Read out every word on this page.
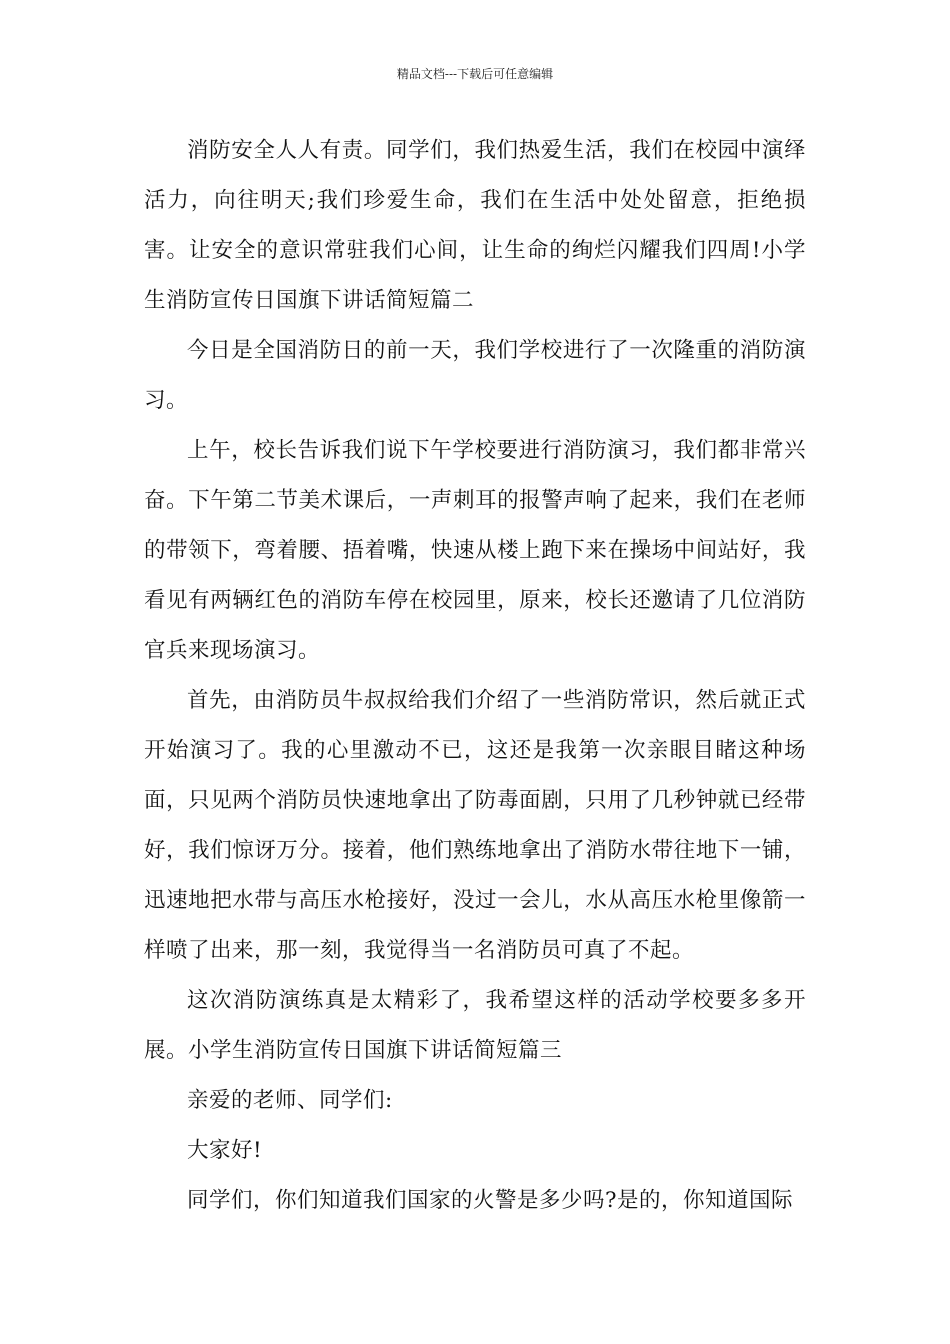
精品文档---下载后可任意编辑

消防安全人人有责。同学们，我们热爱生活，我们在校园中演绎活力，向往明天;我们珍爱生命，我们在生活中处处留意，拒绝损害。让安全的意识常驻我们心间，让生命的绚烂闪耀我们四周!小学生消防宣传日国旗下讲话简短篇二

今日是全国消防日的前一天，我们学校进行了一次隆重的消防演习。

上午，校长告诉我们说下午学校要进行消防演习，我们都非常兴奋。下午第二节美术课后，一声刺耳的报警声响了起来，我们在老师的带领下，弯着腰、捂着嘴，快速从楼上跑下来在操场中间站好，我看见有两辆红色的消防车停在校园里，原来，校长还邀请了几位消防官兵来现场演习。

首先，由消防员牛叔叔给我们介绍了一些消防常识，然后就正式开始演习了。我的心里激动不已，这还是我第一次亲眼目睹这种场面，只见两个消防员快速地拿出了防毒面剧，只用了几秒钟就已经带好，我们惊讶万分。接着，他们熟练地拿出了消防水带往地下一铺，迅速地把水带与高压水枪接好，没过一会儿，水从高压水枪里像箭一样喷了出来，那一刻，我觉得当一名消防员可真了不起。

这次消防演练真是太精彩了，我希望这样的活动学校要多多开展。小学生消防宣传日国旗下讲话简短篇三

亲爱的老师、同学们:

大家好!

同学们，你们知道我们国家的火警是多少吗?是的，你知道国际
